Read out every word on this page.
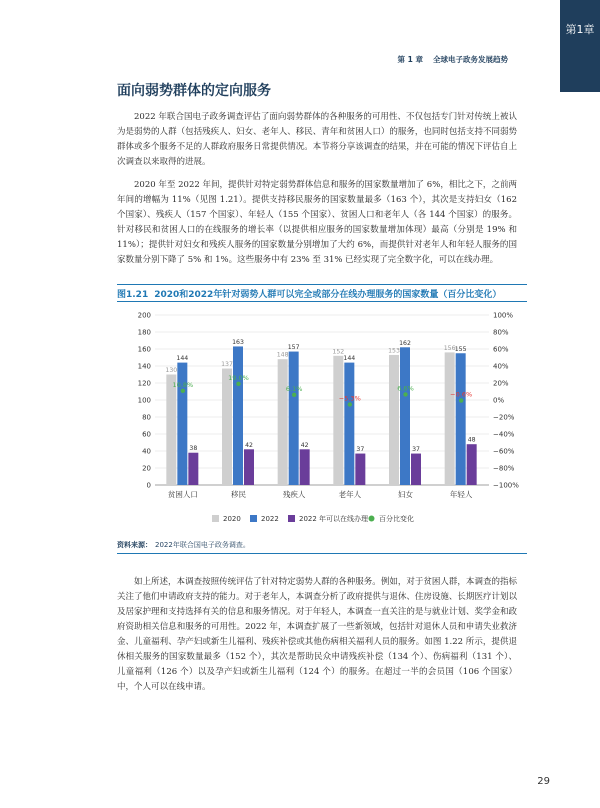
第1章
第 1 章 全球电子政务发展趋势
面向弱势群体的定向服务

2022 年联合国电子政务调查评估了面向弱势群体的各种服务的可用性、不仅包括专门针对传统上被认为是弱势的人群（包括残疾人、妇女、老年人、移民、青年和贫困人口）的服务，也同时包括支持不同弱势群体或多个服务不足的人群政府服务日常提供情况。本节将分享该调查的结果，并在可能的情况下评估自上次调查以来取得的进展。

2020 年至 2022 年间，提供针对特定弱势群体信息和服务的国家数量增加了 6%，相比之下，之前两年间的增幅为 11%（见图 1.21）。提供支持移民服务的国家数量最多（163 个），其次是支持妇女（162 个国家）、残疾人（157 个国家）、年轻人（155 个国家）、贫困人口和老年人（各 144 个国家）的服务。针对移民和贫困人口的在线服务的增长率（以提供相应服务的国家数量增加体现）最高（分别是 19% 和 11%）；提供针对妇女和残疾人服务的国家数量分别增加了大约 6%，而提供针对老年人和年轻人服务的国家数量分别下降了 5% 和 1%。这些服务中有 23% 至 31% 已经实现了完全数字化，可以在线办理。

图1.21 2020和2022年针对弱势人群可以完全或部分在线办理服务的国家数量（百分比变化）
0
20
40
60
80
100
120
140
160
180
200
−100%
−80%
−60%
−40%
−20%
0%
20%
40%
60%
80%
100%
130
144
38
贫困人口
10.8%
137
163
42
移民
19.0%
148
157
42
残疾人
6.1%
152
144
37
老年人
−5.3%
153
162
37
妇女
6.6%
156 155
48
年轻人
−0.6%
2020	2022	2022 年可以在线办理 百分比变化
资料来源： 2022年联合国电子政务调查。

如上所述，本调查按照传统评估了针对特定弱势人群的各种服务。例如，对于贫困人群，本调查的指标关注了他们申请政府支持的能力。对于老年人，本调查分析了政府提供与退休、住房设施、长期医疗计划以及居家护理和支持选择有关的信息和服务情况。对于年轻人，本调查一直关注的是与就业计划、奖学金和政府资助相关信息和服务的可用性。2022 年，本调查扩展了一些新领域，包括针对退休人员和申请失业救济金、儿童福利、孕产妇或新生儿福利、残疾补偿或其他伤病相关福利人员的服务。如图 1.22 所示，提供退休相关服务的国家数量最多（152 个），其次是帮助民众申请残疾补偿（134 个）、伤病福利（131 个）、儿童福利（126 个）以及孕产妇或新生儿福利（124 个）的服务。在超过一半的会员国（106 个国家）中，个人可以在线申请。

29
